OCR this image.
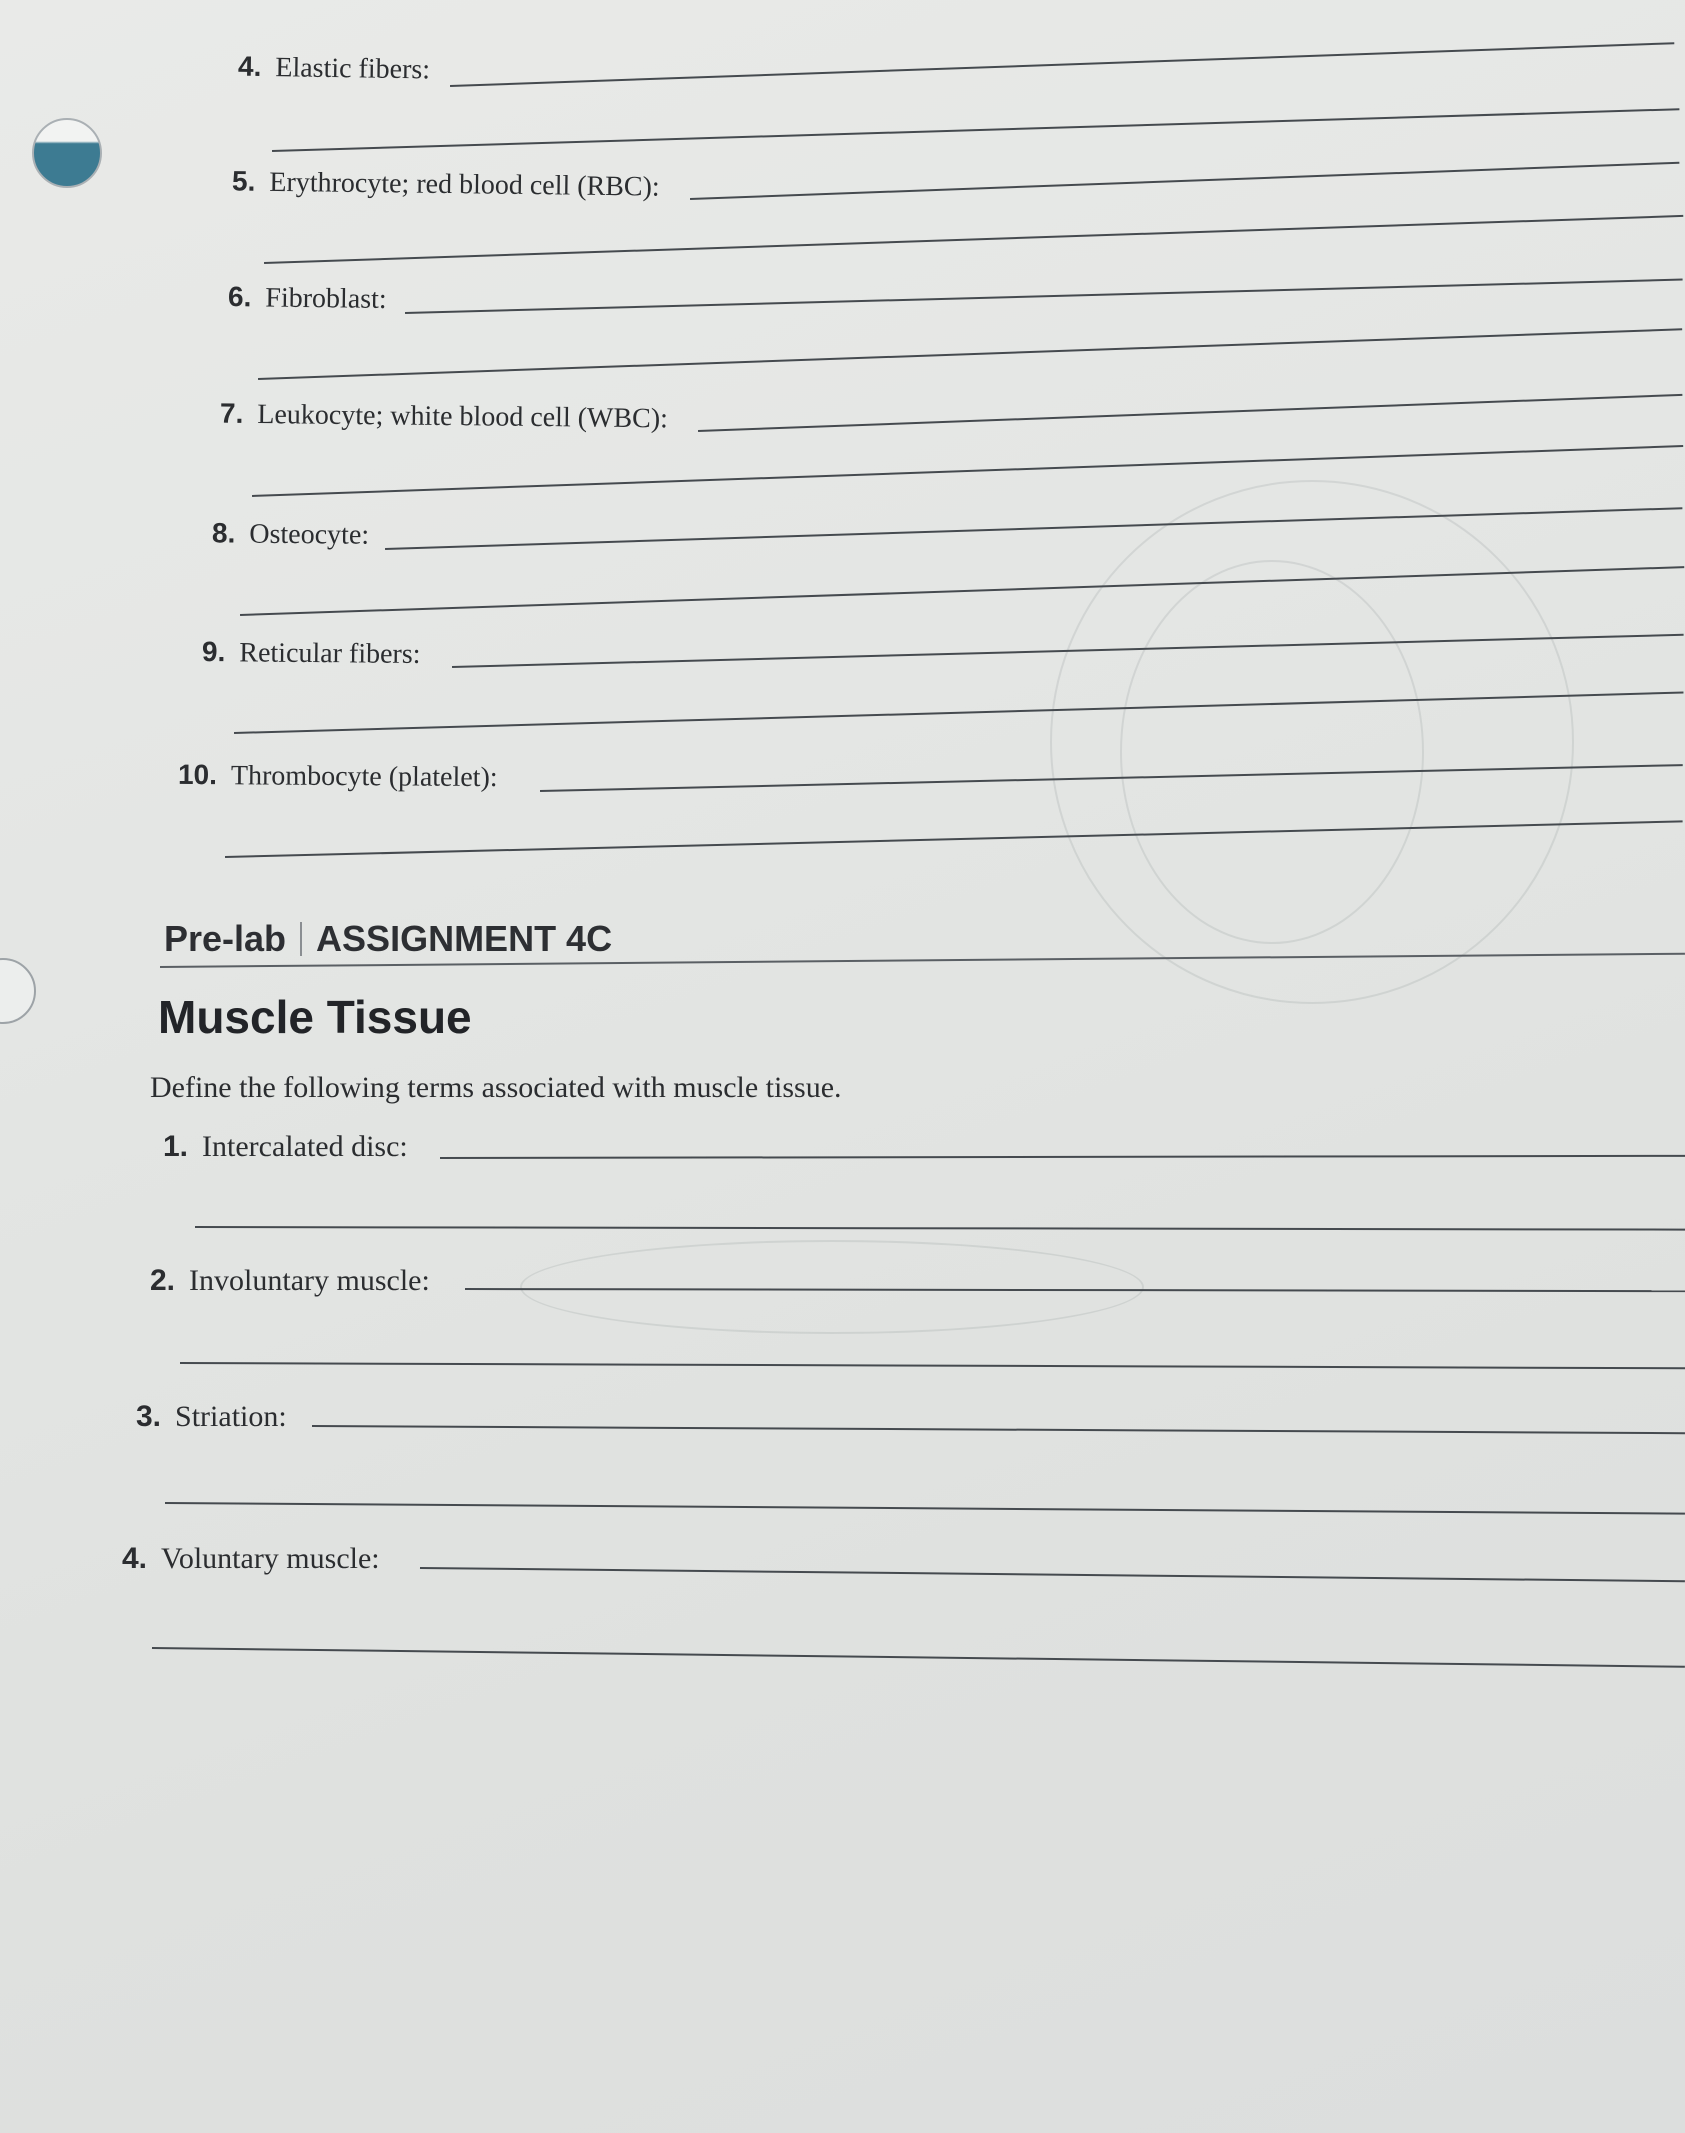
4. Elastic fibers:
5. Erythrocyte; red blood cell (RBC):
6. Fibroblast:
7. Leukocyte; white blood cell (WBC):
8. Osteocyte:
9. Reticular fibers:
10. Thrombocyte (platelet):
Pre-lab ASSIGNMENT 4C
Muscle Tissue
Define the following terms associated with muscle tissue.
1. Intercalated disc:
2. Involuntary muscle:
3. Striation:
4. Voluntary muscle:
